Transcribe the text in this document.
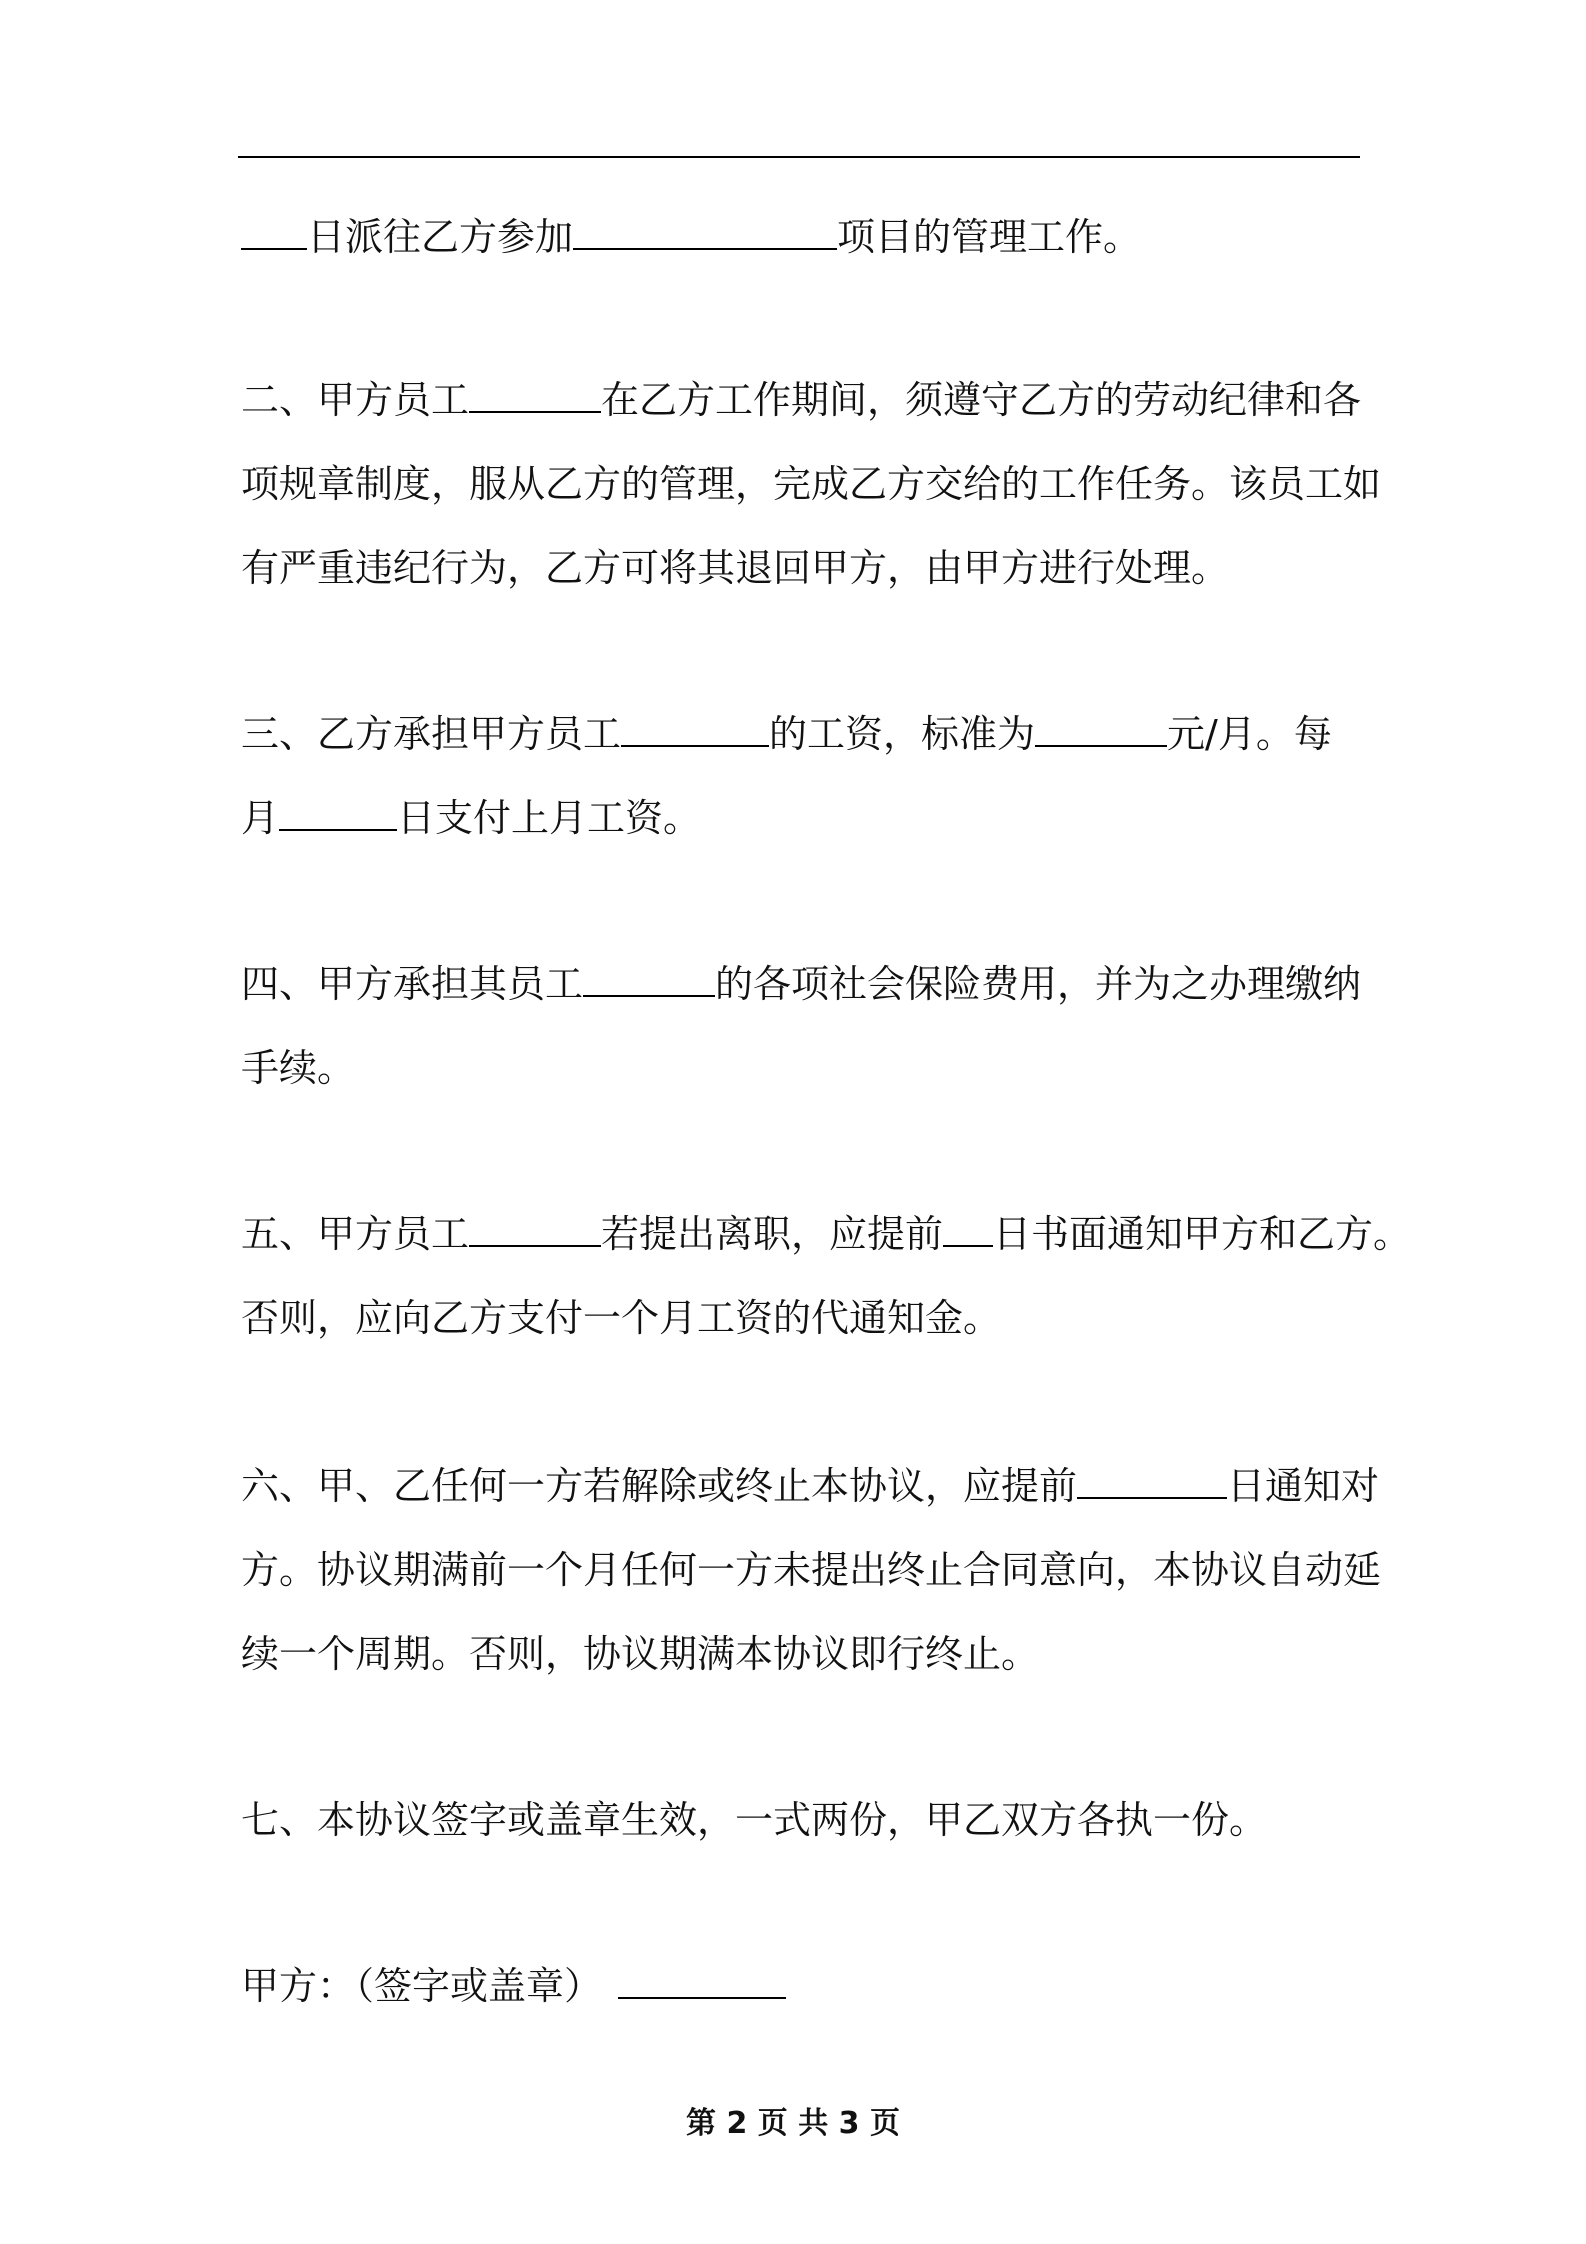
日派往乙方参加	项目的管理工作。
二、甲方员工	在乙方工作期间，须遵守乙方的劳动纪律和各
项规章制度，服从乙方的管理，完成乙方交给的工作任务。该员工如
有严重违纪行为，乙方可将其退回甲方，由甲方进行处理。
三、乙方承担甲方员工	的工资，标准为	元/月。每
月	日支付上月工资。
四、甲方承担其员工	的各项社会保险费用，并为之办理缴纳
手续。
五、甲方员工	若提出离职，应提前 日书面通知甲方和乙方。
否则，应向乙方支付一个月工资的代通知金。
六、甲、乙任何一方若解除或终止本协议，应提前	日通知对
方。协议期满前一个月任何一方未提出终止合同意向，本协议自动延
续一个周期。否则，协议期满本协议即行终止。
七、本协议签字或盖章生效，一式两份，甲乙双方各执一份。
甲方：（签字或盖章）
第 2 页 共 3 页
